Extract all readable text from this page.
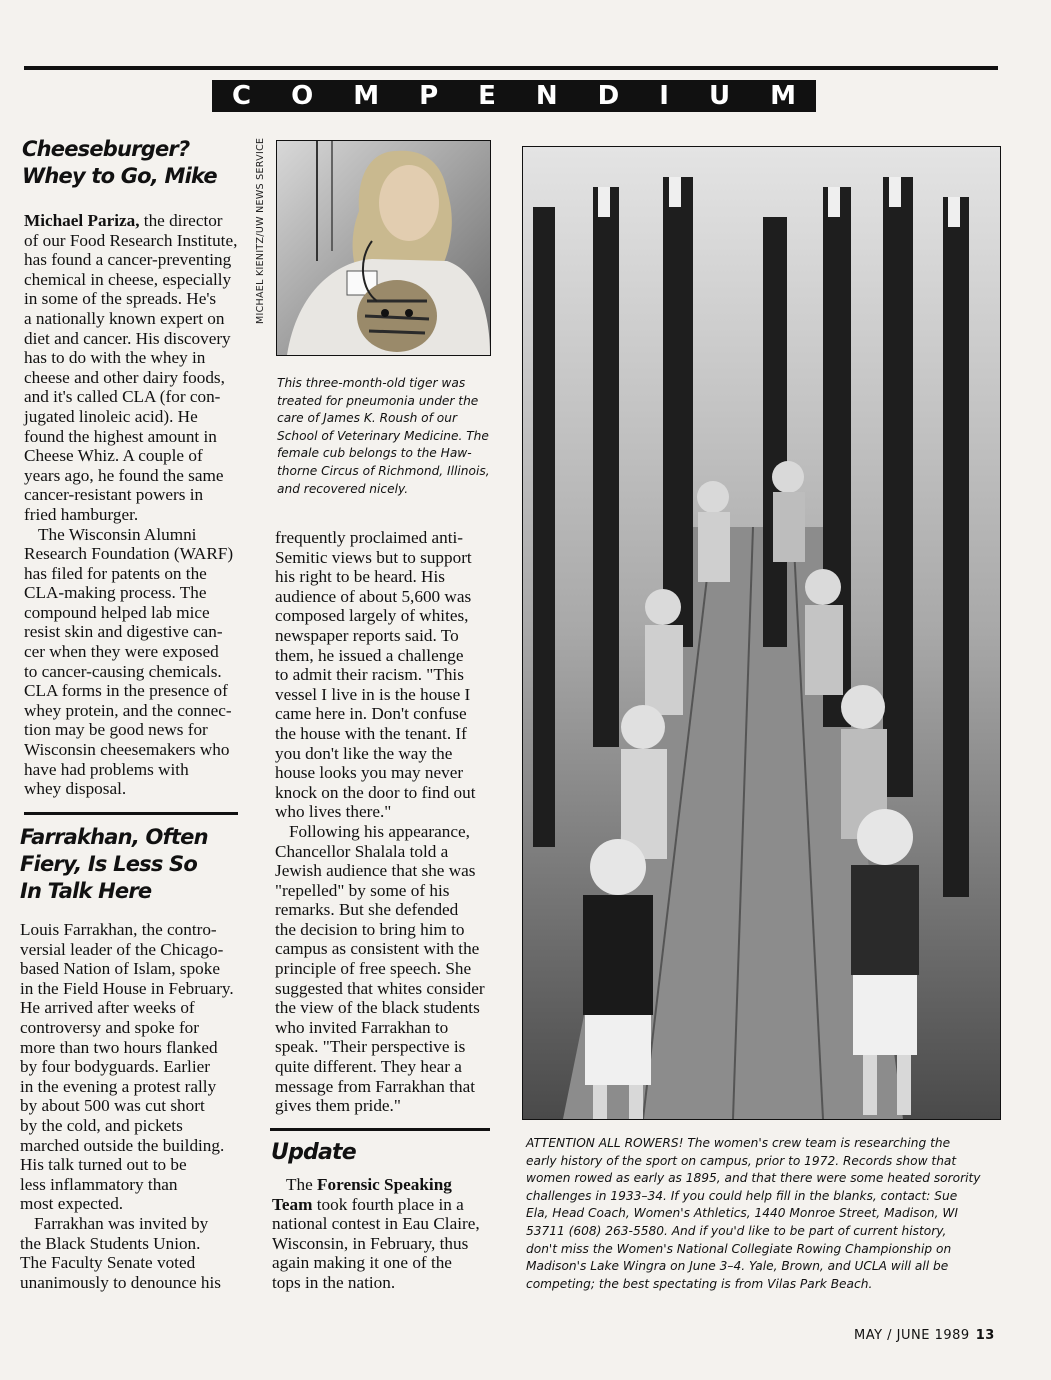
C O M P E N D I U M
Cheeseburger?
Whey to Go, Mike
Michael Pariza, the director
of our Food Research Institute,
has found a cancer-preventing
chemical in cheese, especially
in some of the spreads. He's
a nationally known expert on
diet and cancer. His discovery
has to do with the whey in
cheese and other dairy foods,
and it's called CLA (for con-
jugated linoleic acid). He
found the highest amount in
Cheese Whiz. A couple of
years ago, he found the same
cancer-resistant powers in
fried hamburger.
The Wisconsin Alumni
Research Foundation (WARF)
has filed for patents on the
CLA-making process. The
compound helped lab mice
resist skin and digestive can-
cer when they were exposed
to cancer-causing chemicals.
CLA forms in the presence of
whey protein, and the connec-
tion may be good news for
Wisconsin cheesemakers who
have had problems with
whey disposal.
Farrakhan, Often
Fiery, Is Less So
In Talk Here
Louis Farrakhan, the contro-
versial leader of the Chicago-
based Nation of Islam, spoke
in the Field House in February.
He arrived after weeks of
controversy and spoke for
more than two hours flanked
by four bodyguards. Earlier
in the evening a protest rally
by about 500 was cut short
by the cold, and pickets
marched outside the building.
His talk turned out to be
less inflammatory than
most expected.
Farrakhan was invited by
the Black Students Union.
The Faculty Senate voted
unanimously to denounce his
frequently proclaimed anti-
Semitic views but to support
his right to be heard. His
audience of about 5,600 was
composed largely of whites,
newspaper reports said. To
them, he issued a challenge
to admit their racism. "This
vessel I live in is the house I
came here in. Don't confuse
the house with the tenant. If
you don't like the way the
house looks you may never
knock on the door to find out
who lives there."
Following his appearance,
Chancellor Shalala told a
Jewish audience that she was
"repelled" by some of his
remarks. But she defended
the decision to bring him to
campus as consistent with the
principle of free speech. She
suggested that whites consider
the view of the black students
who invited Farrakhan to
speak. "Their perspective is
quite different. They hear a
message from Farrakhan that
gives them pride."
Update
The Forensic Speaking
Team took fourth place in a
national contest in Eau Claire,
Wisconsin, in February, thus
again making it one of the
tops in the nation.
MICHAEL KIENITZ/UW NEWS SERVICE
This three-month-old tiger was
treated for pneumonia under the
care of James K. Roush of our
School of Veterinary Medicine. The
female cub belongs to the Haw-
thorne Circus of Richmond, Illinois,
and recovered nicely.
ATTENTION ALL ROWERS! The women's crew team is researching the
early history of the sport on campus, prior to 1972. Records show that
women rowed as early as 1895, and that there were some heated sorority
challenges in 1933–34. If you could help fill in the blanks, contact: Sue
Ela, Head Coach, Women's Athletics, 1440 Monroe Street, Madison, WI
53711 (608) 263-5580. And if you'd like to be part of current history,
don't miss the Women's National Collegiate Rowing Championship on
Madison's Lake Wingra on June 3–4. Yale, Brown, and UCLA will all be
competing; the best spectating is from Vilas Park Beach.
MAY / JUNE 1989 13
